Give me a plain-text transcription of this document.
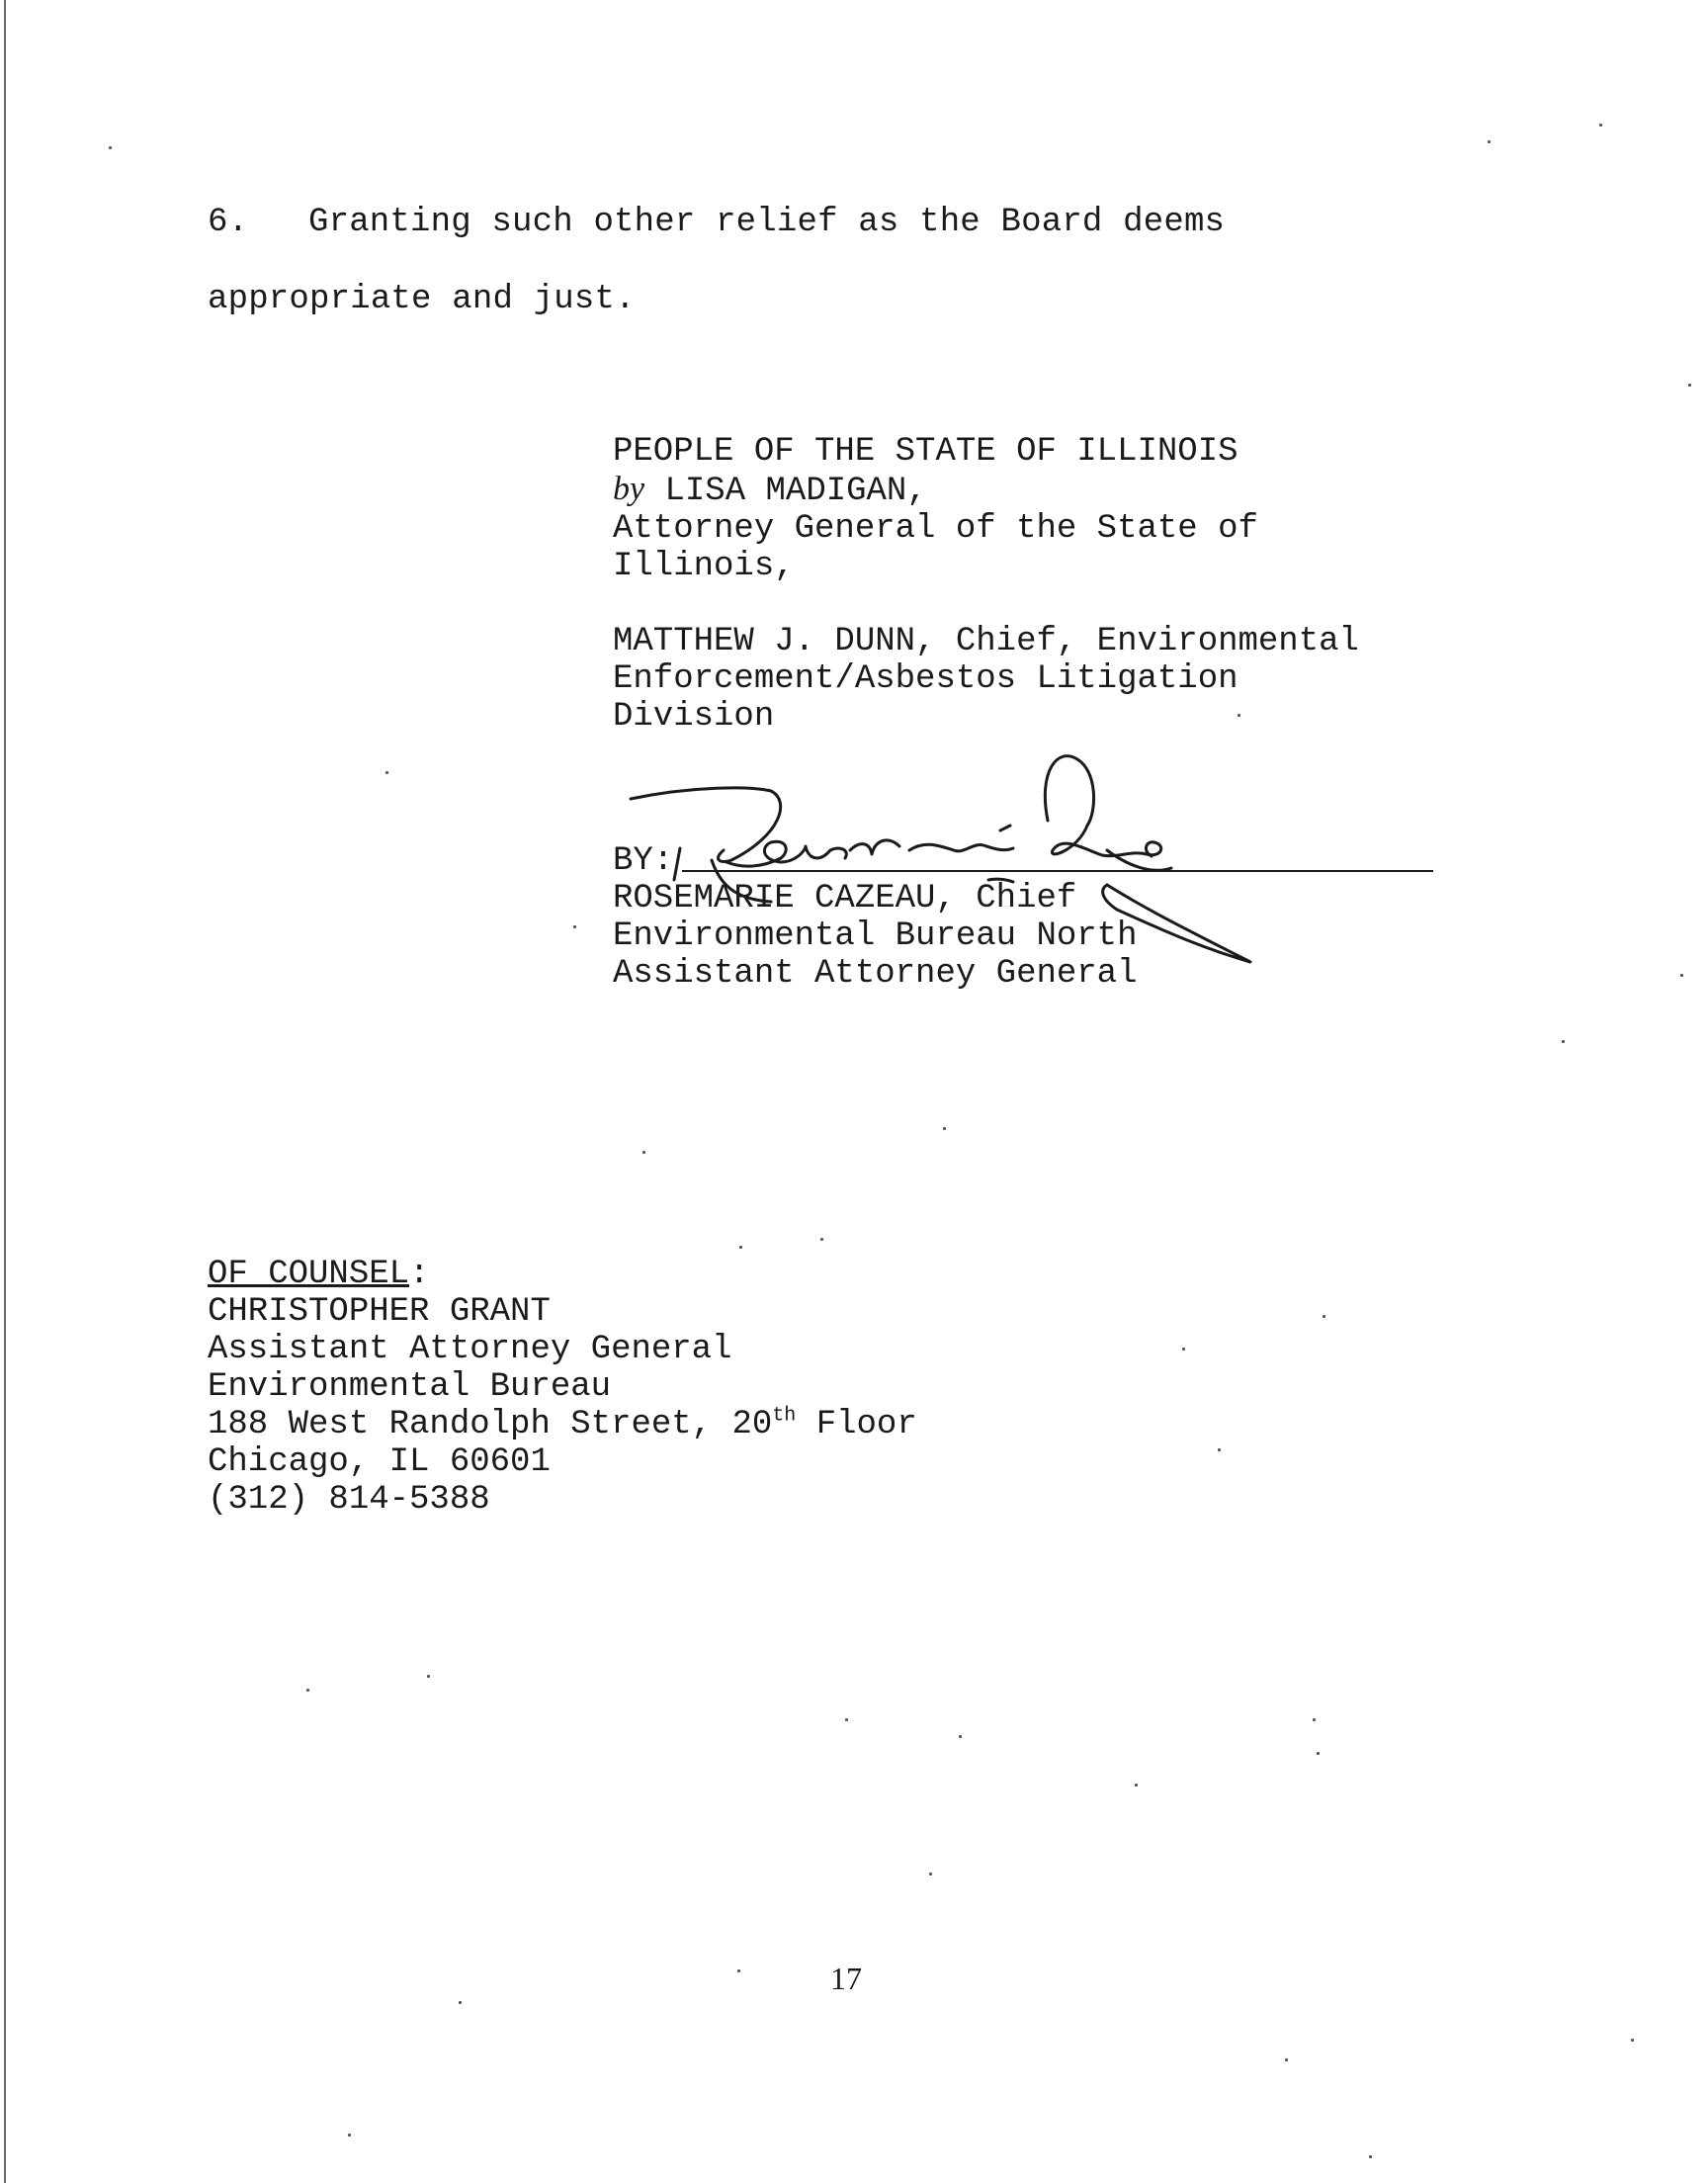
6. Granting such other relief as the Board deems
appropriate and just.
PEOPLE OF THE STATE OF ILLINOIS
by LISA MADIGAN,
Attorney General of the State of
Illinois,
MATTHEW J. DUNN, Chief, Environmental
Enforcement/Asbestos Litigation
Division
BY:
ROSEMARIE CAZEAU, Chief
Environmental Bureau North
Assistant Attorney General
OF COUNSEL:
CHRISTOPHER GRANT
Assistant Attorney General
Environmental Bureau
188 West Randolph Street, 20th Floor
Chicago, IL 60601
(312) 814-5388
17
